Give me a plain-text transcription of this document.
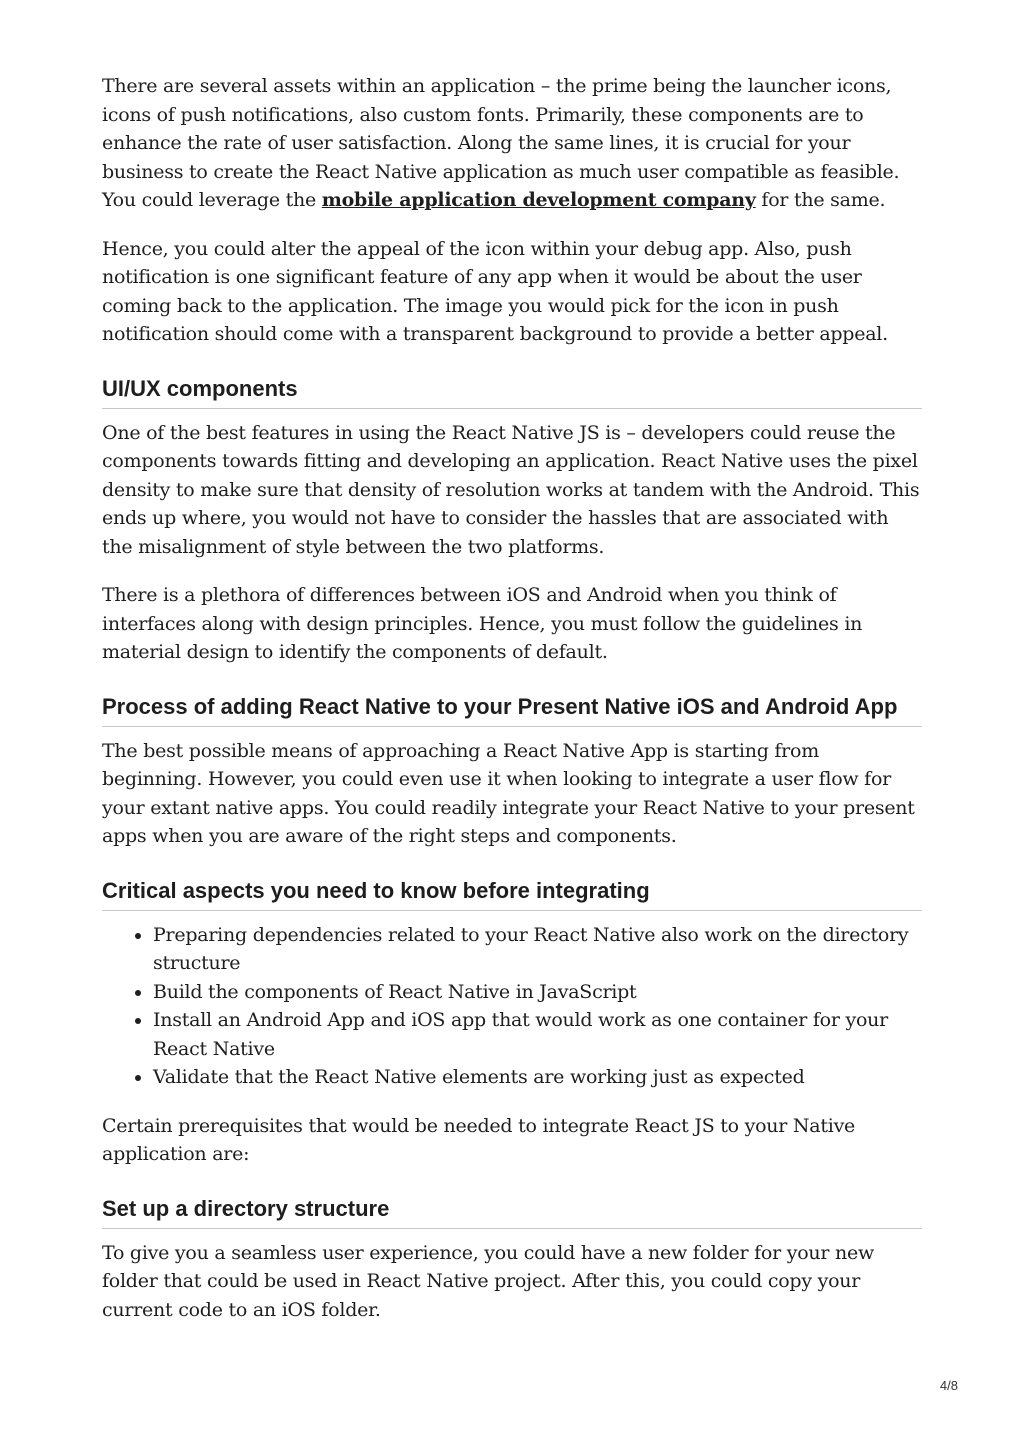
There are several assets within an application – the prime being the launcher icons, icons of push notifications, also custom fonts. Primarily, these components are to enhance the rate of user satisfaction. Along the same lines, it is crucial for your business to create the React Native application as much user compatible as feasible. You could leverage the mobile application development company for the same.

Hence, you could alter the appeal of the icon within your debug app. Also, push notification is one significant feature of any app when it would be about the user coming back to the application. The image you would pick for the icon in push notification should come with a transparent background to provide a better appeal.

UI/UX components

One of the best features in using the React Native JS is – developers could reuse the components towards fitting and developing an application. React Native uses the pixel density to make sure that density of resolution works at tandem with the Android. This ends up where, you would not have to consider the hassles that are associated with the misalignment of style between the two platforms.

There is a plethora of differences between iOS and Android when you think of interfaces along with design principles. Hence, you must follow the guidelines in material design to identify the components of default.

Process of adding React Native to your Present Native iOS and Android App

The best possible means of approaching a React Native App is starting from beginning. However, you could even use it when looking to integrate a user flow for your extant native apps. You could readily integrate your React Native to your present apps when you are aware of the right steps and components.

Critical aspects you need to know before integrating
• Preparing dependencies related to your React Native also work on the directory structure
• Build the components of React Native in JavaScript
• Install an Android App and iOS app that would work as one container for your React Native
• Validate that the React Native elements are working just as expected

Certain prerequisites that would be needed to integrate React JS to your Native application are:

Set up a directory structure

To give you a seamless user experience, you could have a new folder for your new folder that could be used in React Native project. After this, you could copy your current code to an iOS folder.

4/8
